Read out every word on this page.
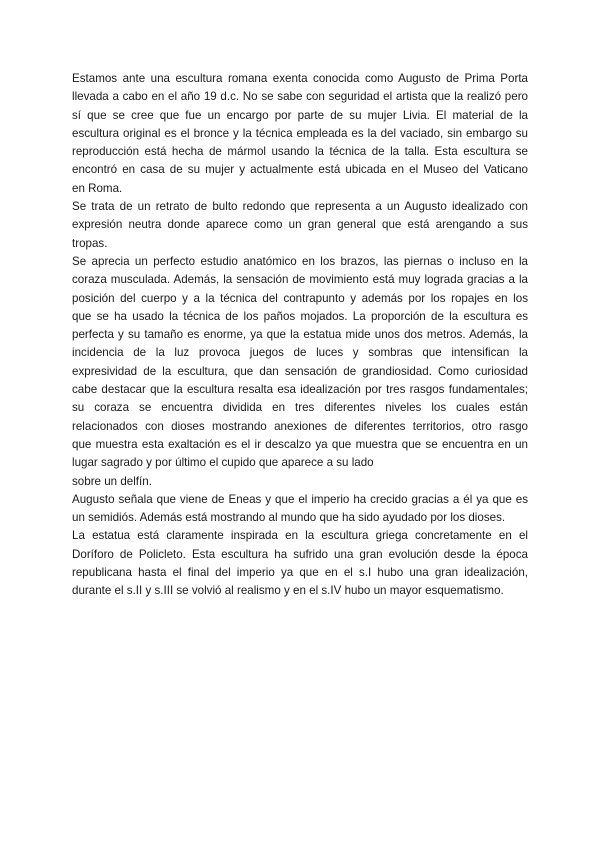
Estamos ante una escultura romana exenta conocida como Augusto de Prima Porta
llevada a cabo en el año 19 d.c. No se sabe con seguridad el artista que la realizó pero
sí que se cree que fue un encargo por parte de su mujer Livia. El material de la
escultura original es el bronce y la técnica empleada es la del vaciado, sin embargo su
reproducción está hecha de mármol usando la técnica de la talla. Esta escultura se
encontró en casa de su mujer y actualmente está ubicada en el Museo del Vaticano
en Roma.

Se trata de un retrato de bulto redondo que representa a un Augusto idealizado con
expresión neutra donde aparece como un gran general que está arengando a sus
tropas.

Se aprecia un perfecto estudio anatómico en los brazos, las piernas o incluso en la
coraza musculada. Además, la sensación de movimiento está muy lograda gracias a la
posición del cuerpo y a la técnica del contrapunto y además por los ropajes en los
que se ha usado la técnica de los paños mojados. La proporción de la escultura es
perfecta y su tamaño es enorme, ya que la estatua mide unos dos metros. Además, la
incidencia de la luz provoca juegos de luces y sombras que intensifican la
expresividad de la escultura, que dan sensación de grandiosidad. Como curiosidad
cabe destacar que la escultura resalta esa idealización por tres rasgos fundamentales;
su coraza se encuentra dividida en tres diferentes niveles los cuales están
relacionados con dioses mostrando anexiones de diferentes territorios, otro rasgo
que muestra esta exaltación es el ir descalzo ya que muestra que se encuentra en un
lugar sagrado y por último el cupido que aparece a su lado

sobre un delfín.

Augusto señala que viene de Eneas y que el imperio ha crecido gracias a él ya que es
un semidiós. Además está mostrando al mundo que ha sido ayudado por los dioses.

La estatua está claramente inspirada en la escultura griega concretamente en el
Doríforo de Policleto. Esta escultura ha sufrido una gran evolución desde la época
republicana hasta el final del imperio ya que en el s.I hubo una gran idealización,
durante el s.II y s.III se volvió al realismo y en el s.IV hubo un mayor esquematismo.
